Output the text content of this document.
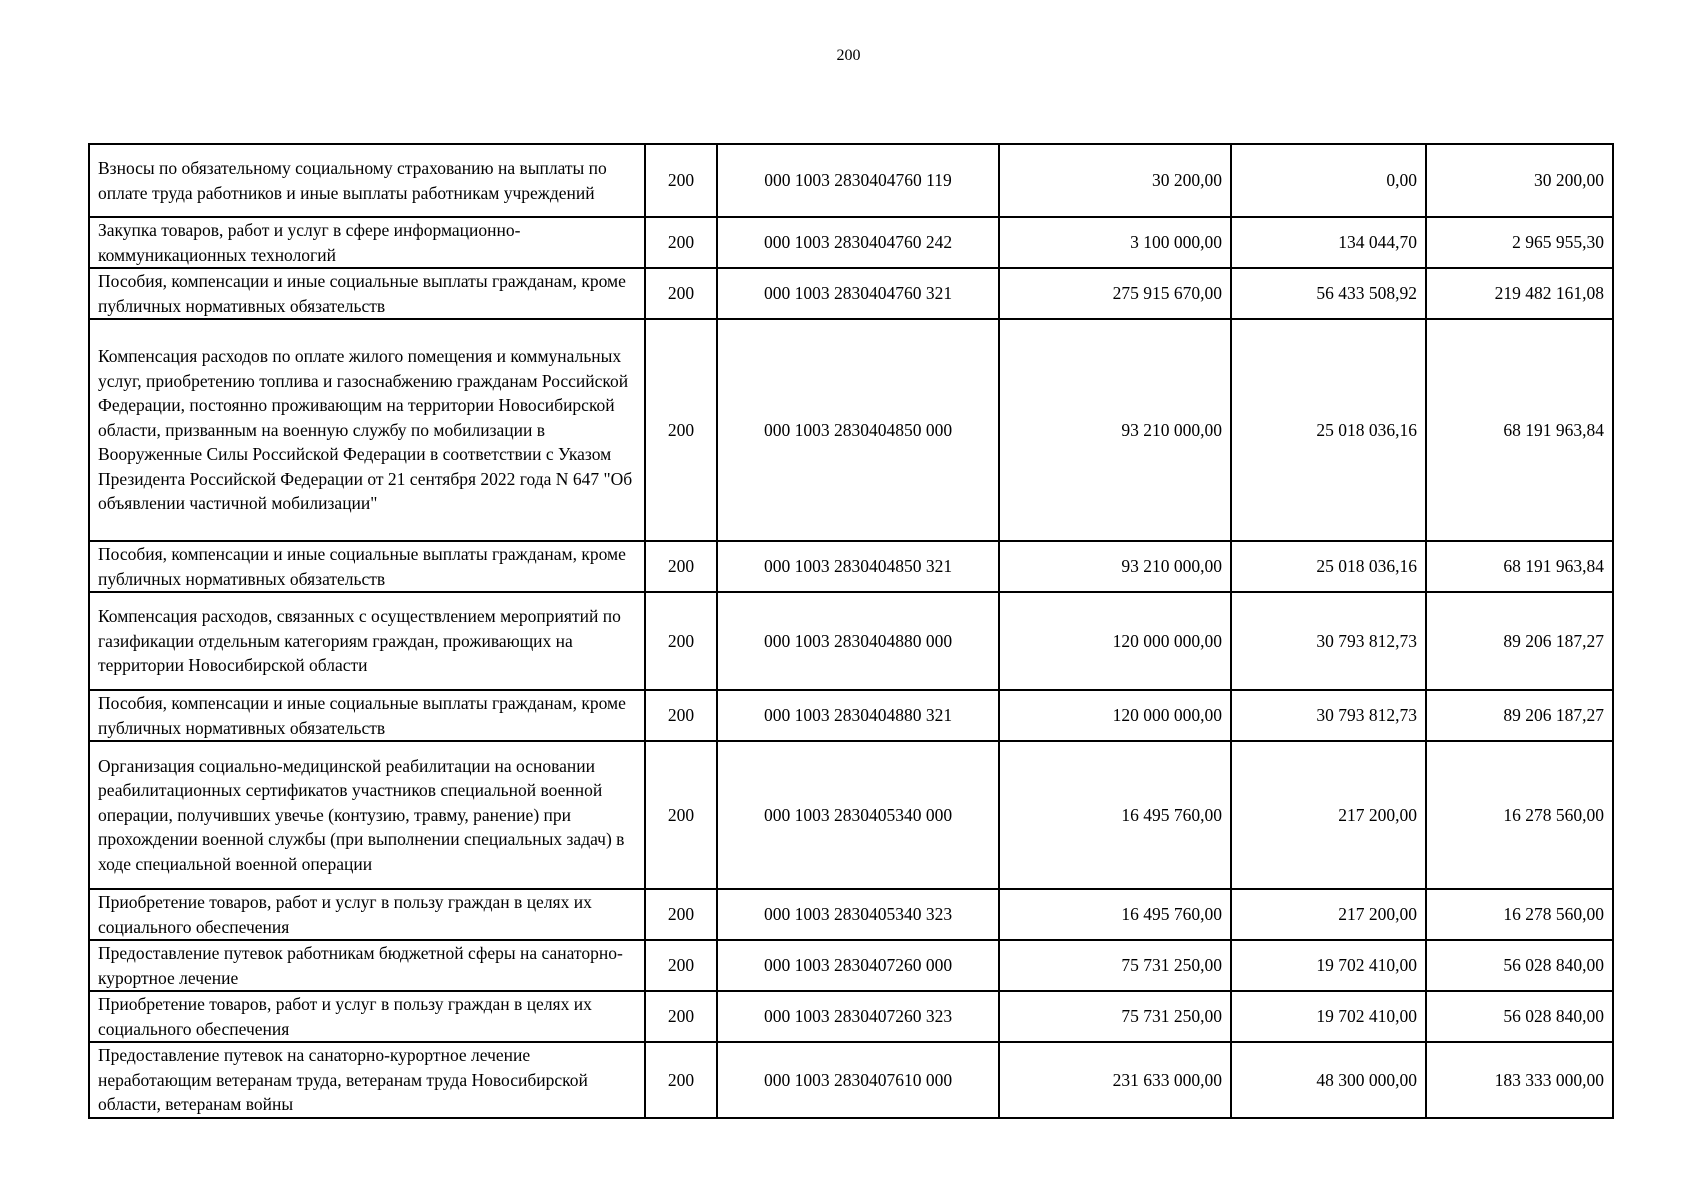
200
Взносы по обязательному социальному страхованию на выплаты по оплате труда работников и иные выплаты работникам учреждений	200	000 1003 2830404760 119	30 200,00	0,00	30 200,00
Закупка товаров, работ и услуг в сфере информационно-коммуникационных технологий	200	000 1003 2830404760 242	3 100 000,00	134 044,70	2 965 955,30
Пособия, компенсации и иные социальные выплаты гражданам, кроме публичных нормативных обязательств	200	000 1003 2830404760 321	275 915 670,00	56 433 508,92	219 482 161,08
Компенсация расходов по оплате жилого помещения и коммунальных услуг, приобретению топлива и газоснабжению гражданам Российской Федерации, постоянно проживающим на территории Новосибирской области, призванным на военную службу по мобилизации в Вооруженные Силы Российской Федерации в соответствии с Указом Президента Российской Федерации от 21 сентября 2022 года N 647 "Об объявлении частичной мобилизации"	200	000 1003 2830404850 000	93 210 000,00	25 018 036,16	68 191 963,84
Пособия, компенсации и иные социальные выплаты гражданам, кроме публичных нормативных обязательств	200	000 1003 2830404850 321	93 210 000,00	25 018 036,16	68 191 963,84
Компенсация расходов, связанных с осуществлением мероприятий по газификации отдельным категориям граждан, проживающих на территории Новосибирской области	200	000 1003 2830404880 000	120 000 000,00	30 793 812,73	89 206 187,27
Пособия, компенсации и иные социальные выплаты гражданам, кроме публичных нормативных обязательств	200	000 1003 2830404880 321	120 000 000,00	30 793 812,73	89 206 187,27
Организация социально-медицинской реабилитации на основании реабилитационных сертификатов участников специальной военной операции, получивших увечье (контузию, травму, ранение) при прохождении военной службы (при выполнении специальных задач) в ходе специальной военной операции	200	000 1003 2830405340 000	16 495 760,00	217 200,00	16 278 560,00
Приобретение товаров, работ и услуг в пользу граждан в целях их социального обеспечения	200	000 1003 2830405340 323	16 495 760,00	217 200,00	16 278 560,00
Предоставление путевок работникам бюджетной сферы на санаторно-курортное лечение	200	000 1003 2830407260 000	75 731 250,00	19 702 410,00	56 028 840,00
Приобретение товаров, работ и услуг в пользу граждан в целях их социального обеспечения	200	000 1003 2830407260 323	75 731 250,00	19 702 410,00	56 028 840,00
Предоставление путевок на санаторно-курортное лечение неработающим ветеранам труда, ветеранам труда Новосибирской области, ветеранам войны	200	000 1003 2830407610 000	231 633 000,00	48 300 000,00	183 333 000,00
